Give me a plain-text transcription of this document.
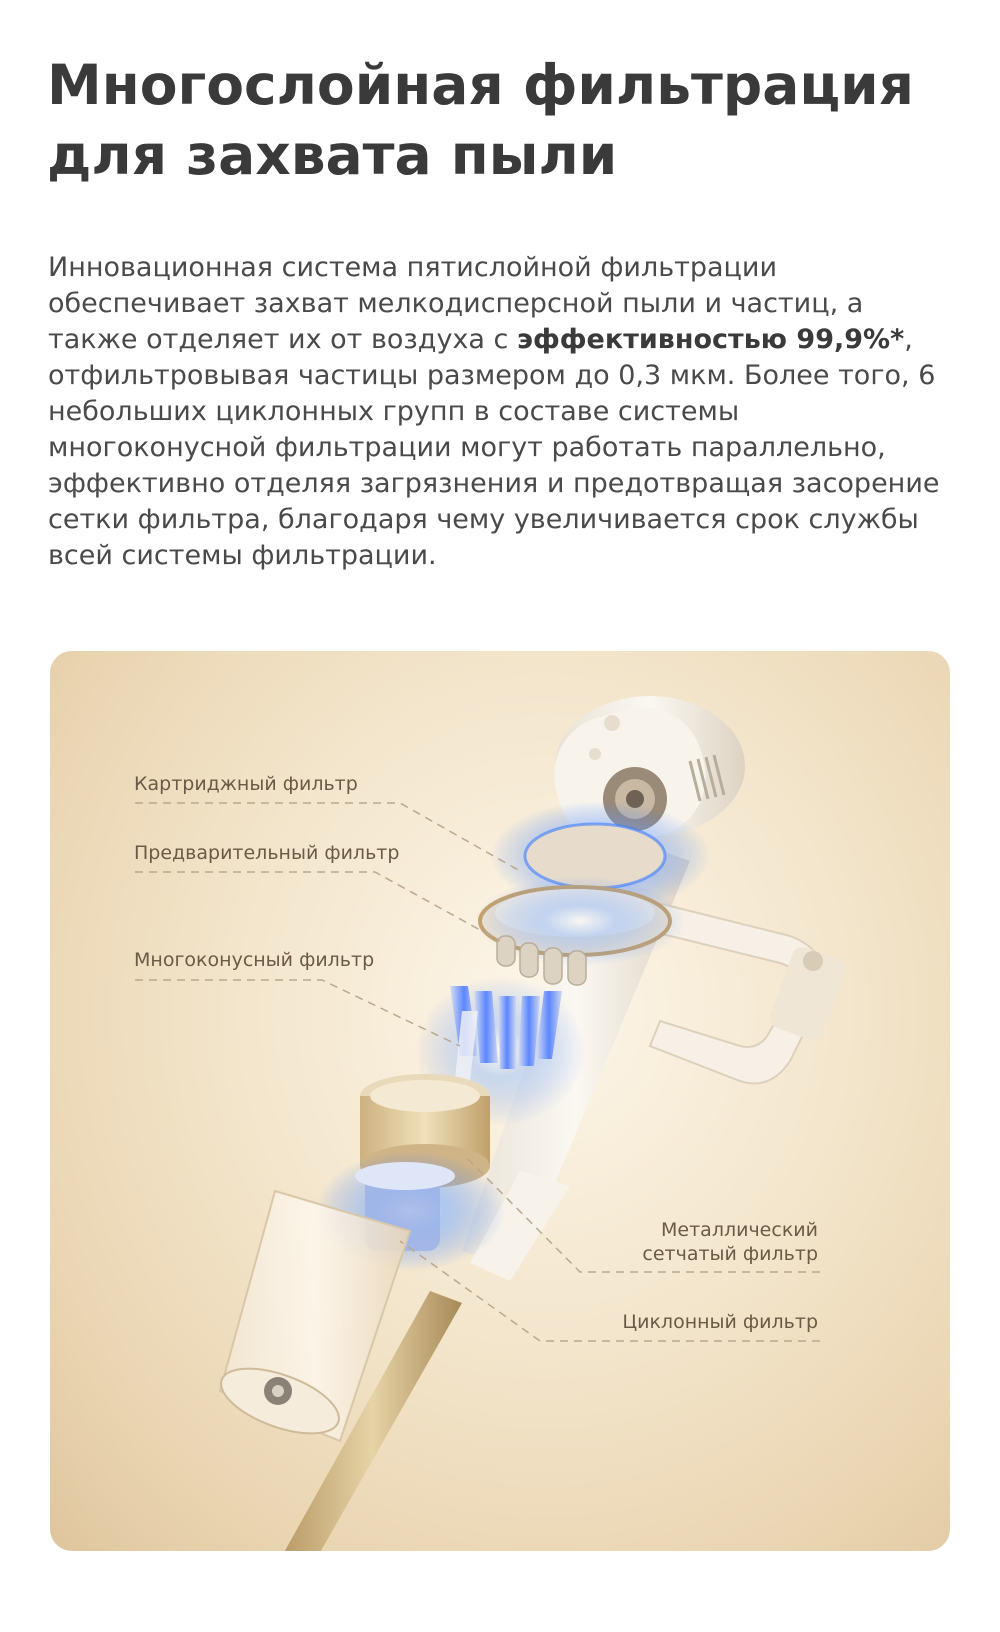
Многослойная фильтрация
для захвата пыли
Инновационная система пятислойной фильтрации
обеспечивает захват мелкодисперсной пыли и частиц, а
также отделяет их от воздуха с эффективностью 99,9%*,
отфильтровывая частицы размером до 0,3 мкм. Более того, 6
небольших циклонных групп в составе системы
многоконусной фильтрации могут работать параллельно,
эффективно отделяя загрязнения и предотвращая засорение
сетки фильтра, благодаря чему увеличивается срок службы
всей системы фильтрации.
Картриджный фильтр
Предварительный фильтр
Многоконусный фильтр
Металлический
сетчатый фильтр
Циклонный фильтр
